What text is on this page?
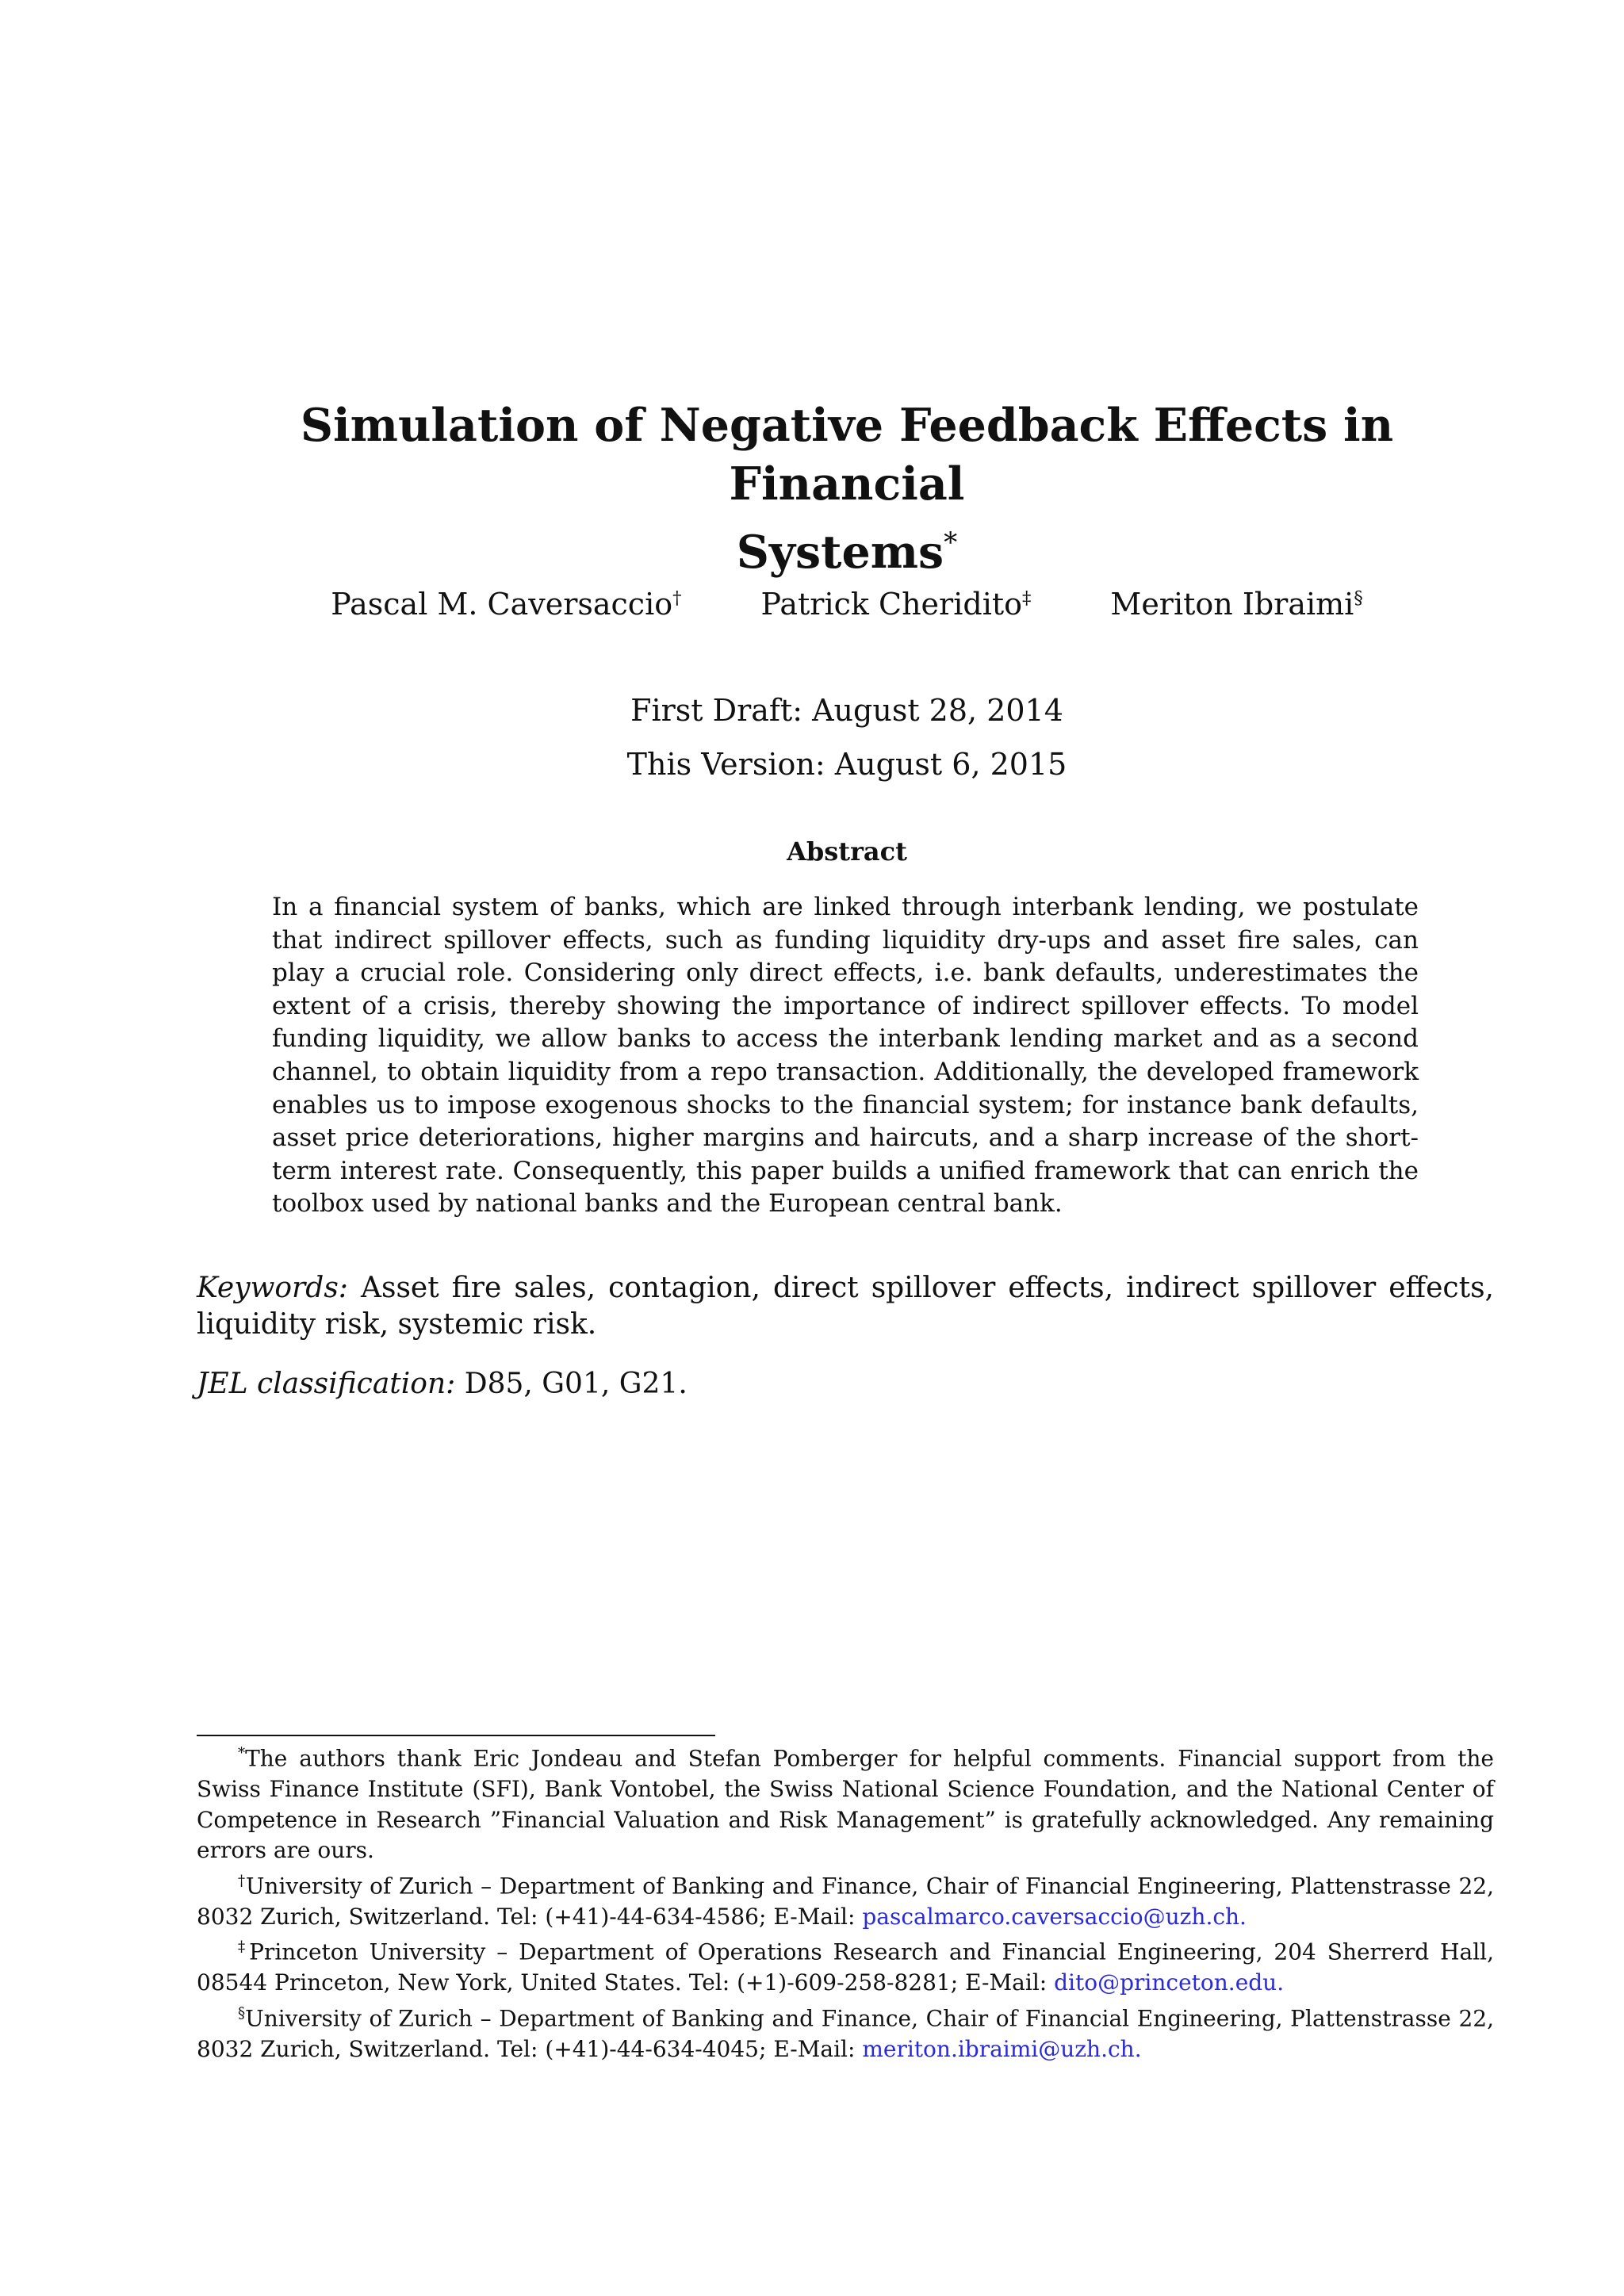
Simulation of Negative Feedback Effects in Financial
Systems*
Pascal M. Caversaccio†	Patrick Cheridito‡	Meriton Ibraimi§
First Draft: August 28, 2014
This Version: August 6, 2015
Abstract

In a financial system of banks, which are linked through interbank lending, we postulate that indirect spillover effects, such as funding liquidity dry-ups and asset fire sales, can play a crucial role. Considering only direct effects, i.e. bank defaults, underestimates the extent of a crisis, thereby showing the importance of indirect spillover effects. To model funding liquidity, we allow banks to access the interbank lending market and as a second channel, to obtain liquidity from a repo transaction. Additionally, the developed framework enables us to impose exogenous shocks to the financial system; for instance bank defaults, asset price deteriorations, higher margins and haircuts, and a sharp increase of the short-term interest rate. Consequently, this paper builds a unified framework that can enrich the toolbox used by national banks and the European central bank.

Keywords: Asset fire sales, contagion, direct spillover effects, indirect spillover effects, liquidity risk, systemic risk.

JEL classification: D85, G01, G21.

*The authors thank Eric Jondeau and Stefan Pomberger for helpful comments. Financial support from the Swiss Finance Institute (SFI), Bank Vontobel, the Swiss National Science Foundation, and the National Center of Competence in Research ”Financial Valuation and Risk Management” is gratefully acknowledged. Any remaining errors are ours.

†University of Zurich – Department of Banking and Finance, Chair of Financial Engineering, Plattenstrasse 22, 8032 Zurich, Switzerland. Tel: (+41)-44-634-4586; E-Mail: pascalmarco.caversaccio@uzh.ch.

‡Princeton University – Department of Operations Research and Financial Engineering, 204 Sherrerd Hall, 08544 Princeton, New York, United States. Tel: (+1)-609-258-8281; E-Mail: dito@princeton.edu.

§University of Zurich – Department of Banking and Finance, Chair of Financial Engineering, Plattenstrasse 22, 8032 Zurich, Switzerland. Tel: (+41)-44-634-4045; E-Mail: meriton.ibraimi@uzh.ch.
